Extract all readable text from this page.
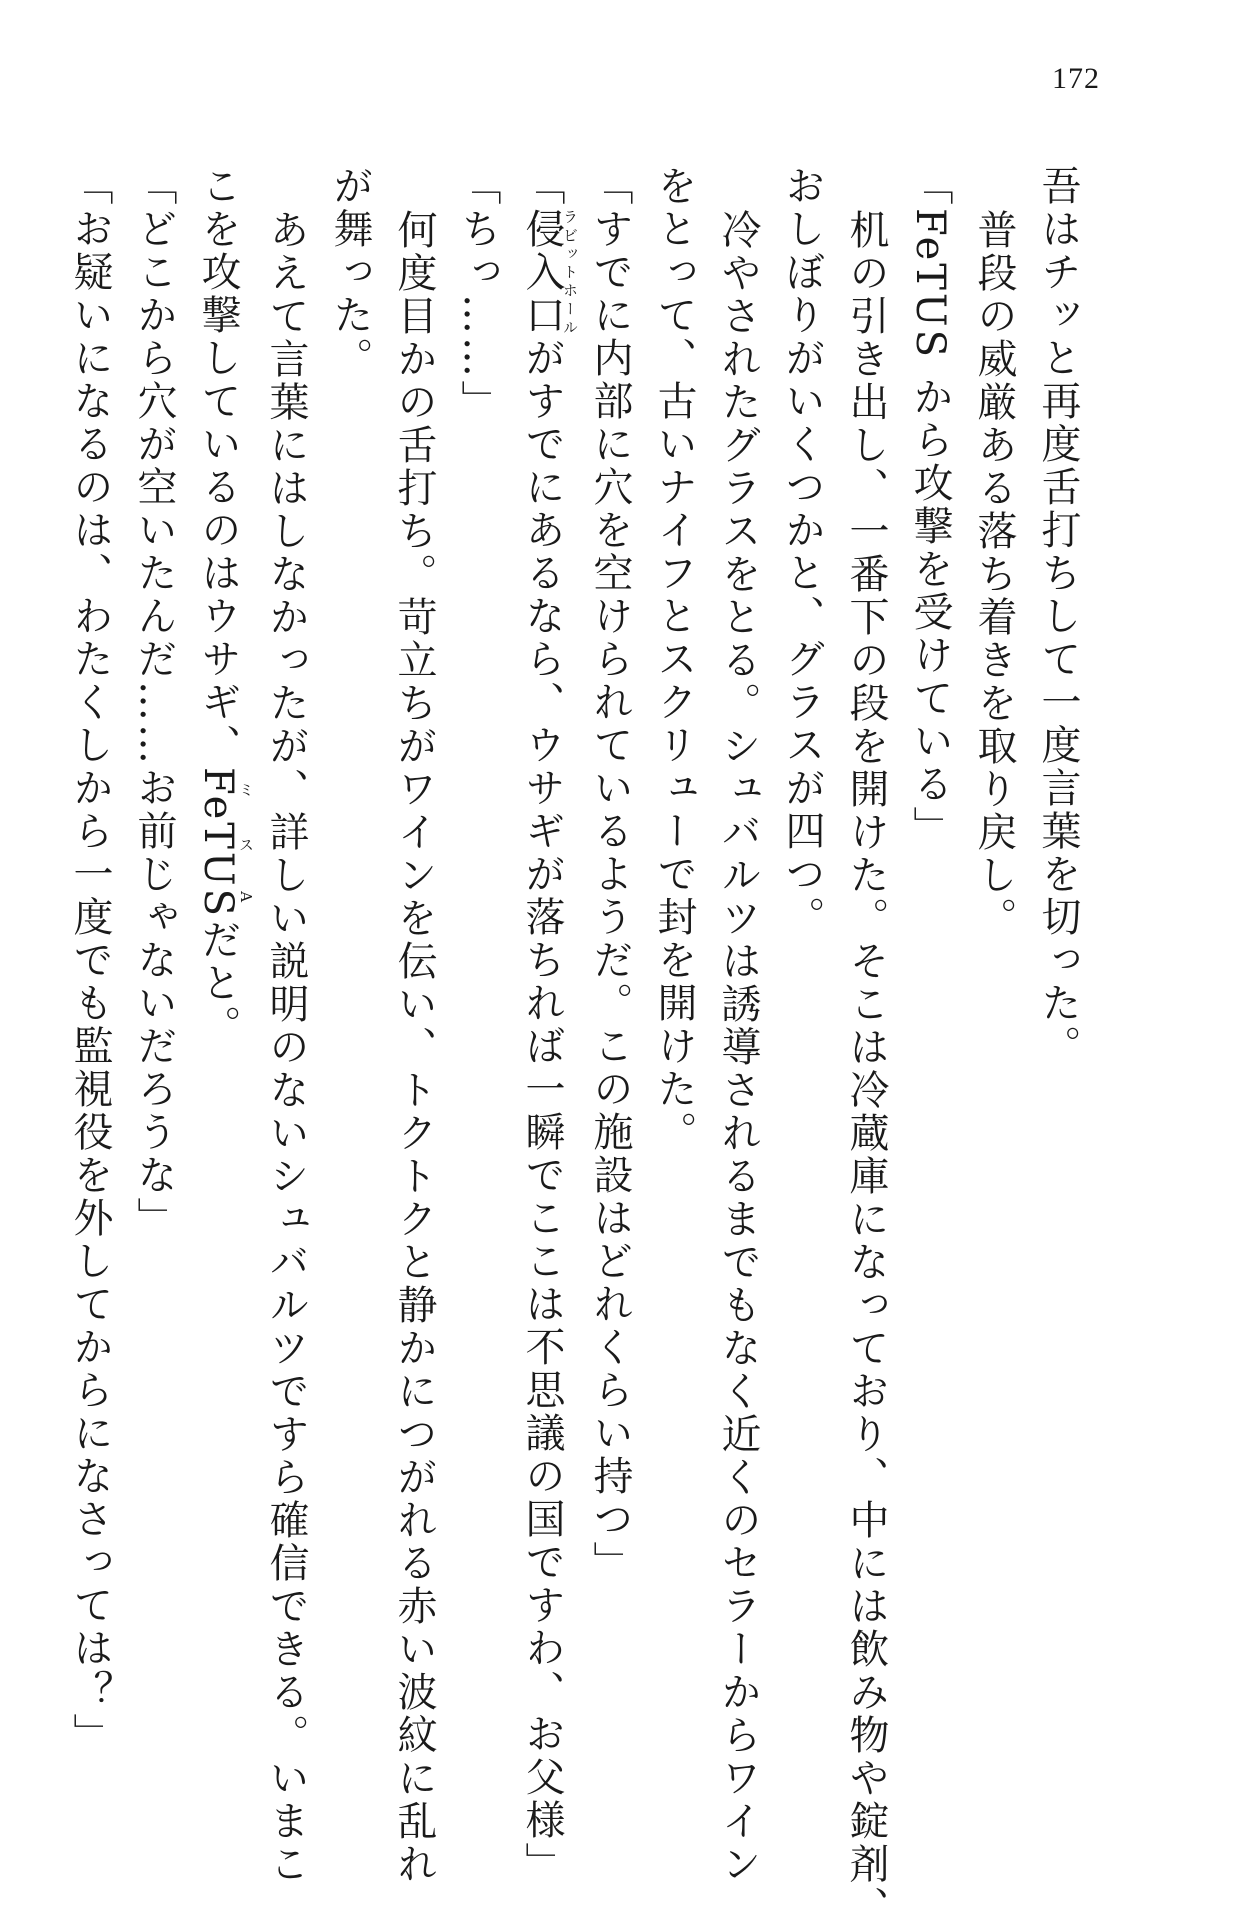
172
吾はチッと再度舌打ちして一度言葉を切った。
普段の威厳ある落ち着きを取り戻し。
「FeTUS から攻撃を受けている」
机の引き出し、一番下の段を開けた。そこは冷蔵庫になっており、中には飲み物や錠剤、
おしぼりがいくつかと、グラスが四つ。
冷やされたグラスをとる。シュバルツは誘導されるまでもなく近くのセラーからワイン
をとって、古いナイフとスクリューで封を開けた。
「すでに内部に穴を空けられているようだ。この施設はどれくらい持つ」
「侵入口ラビットホールがすでにあるなら、ウサギが落ちれば一瞬でここは不思議の国ですわ、お父様」
「ちっ……」
何度目かの舌打ち。苛立ちがワインを伝い、トクトクと静かにつがれる赤い波紋に乱れ
が舞った。
あえて言葉にはしなかったが、詳しい説明のないシュバルツですら確信できる。いまこ
こを攻撃しているのはウサギ、FeTUSミスAだと。
「どこから穴が空いたんだ……お前じゃないだろうな」
「お疑いになるのは、わたくしから一度でも監視役を外してからになさっては？」
